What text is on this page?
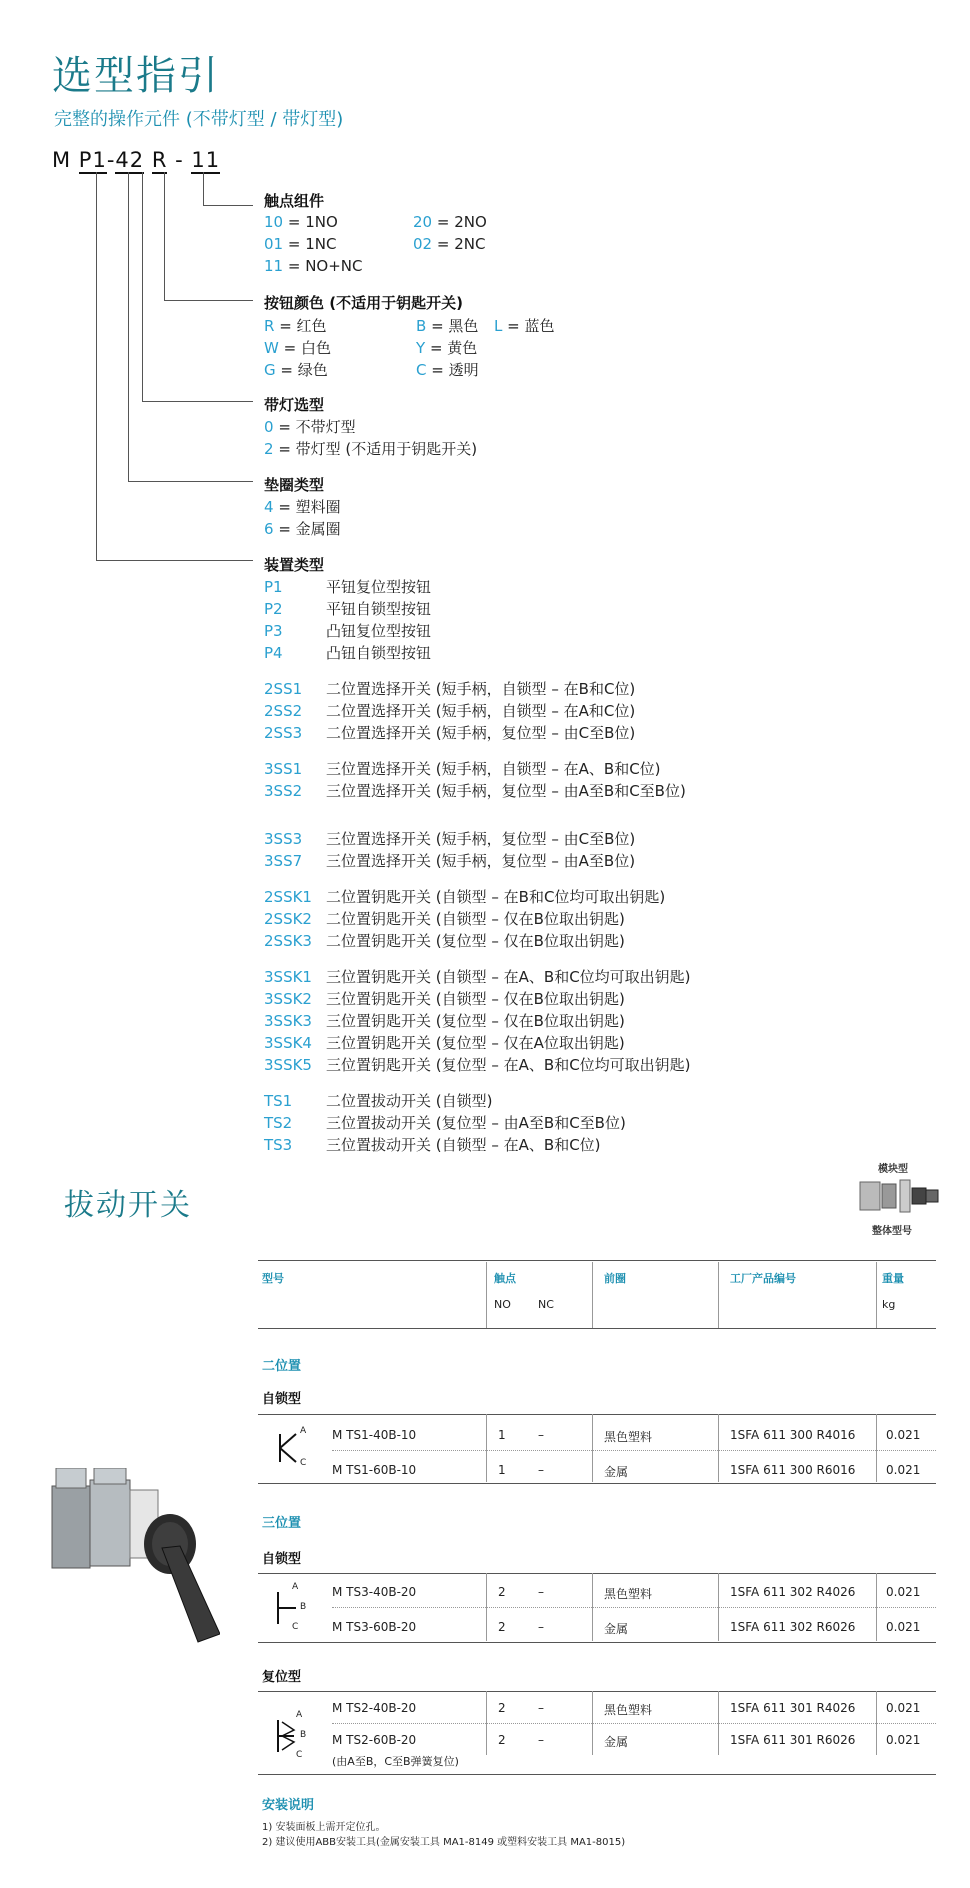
选型指引
完整的操作元件 (不带灯型 / 带灯型)
M P1-42 R - 11
触点组件
10 = 1NO	20 = 2NO
01 = 1NC	02 = 2NC
11 = NO+NC
按钮颜色 (不适用于钥匙开关)
R = 红色	B = 黑色 L = 蓝色
W = 白色	Y = 黄色
G = 绿色	C = 透明
带灯选型
0 = 不带灯型
2 = 带灯型 (不适用于钥匙开关)
垫圈类型
4 = 塑料圈
6 = 金属圈
装置类型
P1	平钮复位型按钮
P2	平钮自锁型按钮
P3	凸钮复位型按钮
P4	凸钮自锁型按钮
2SS1 二位置选择开关 (短手柄，自锁型 – 在B和C位)
2SS2 二位置选择开关 (短手柄，自锁型 – 在A和C位)
2SS3 二位置选择开关 (短手柄，复位型 – 由C至B位)
3SS1 三位置选择开关 (短手柄，自锁型 – 在A、B和C位)
3SS2 三位置选择开关 (短手柄，复位型 – 由A至B和C至B位)
3SS3 三位置选择开关 (短手柄，复位型 – 由C至B位)
3SS7 三位置选择开关 (短手柄，复位型 – 由A至B位)
2SSK1 二位置钥匙开关 (自锁型 – 在B和C位均可取出钥匙)
2SSK2 二位置钥匙开关 (自锁型 – 仅在B位取出钥匙)
2SSK3 二位置钥匙开关 (复位型 – 仅在B位取出钥匙)
3SSK1 三位置钥匙开关 (自锁型 – 在A、B和C位均可取出钥匙)
3SSK2 三位置钥匙开关 (自锁型 – 仅在B位取出钥匙)
3SSK3 三位置钥匙开关 (复位型 – 仅在B位取出钥匙)
3SSK4 三位置钥匙开关 (复位型 – 仅在A位取出钥匙)
3SSK5 三位置钥匙开关 (复位型 – 在A、B和C位均可取出钥匙)
TS1 二位置拔动开关 (自锁型)
TS2 三位置拔动开关 (复位型 – 由A至B和C至B位)
TS3 三位置拔动开关 (自锁型 – 在A、B和C位)
拔动开关
模块型
整体型号
型号	触点
NO NC
前圈	工厂产品编号	重量
kg
二位置
自锁型
A
C
M TS1-40B-10	1	–	黑色塑料	1SFA 611 300 R4016	0.021
M TS1-60B-10	1	–	金属	1SFA 611 300 R6016	0.021
三位置
自锁型
A
B
C
M TS3-40B-20	2	–	黑色塑料	1SFA 611 302 R4026	0.021
M TS3-60B-20	2	–	金属	1SFA 611 302 R6026	0.021
复位型
A
B
C
M TS2-40B-20	2	–	黑色塑料	1SFA 611 301 R4026	0.021
M TS2-60B-20	2	–	金属	1SFA 611 301 R6026	0.021
(由A至B，C至B弹簧复位)
安装说明
1) 安装面板上需开定位孔。
2) 建议使用ABB安装工具(金属安装工具 MA1-8149 或塑料安装工具 MA1-8015)
